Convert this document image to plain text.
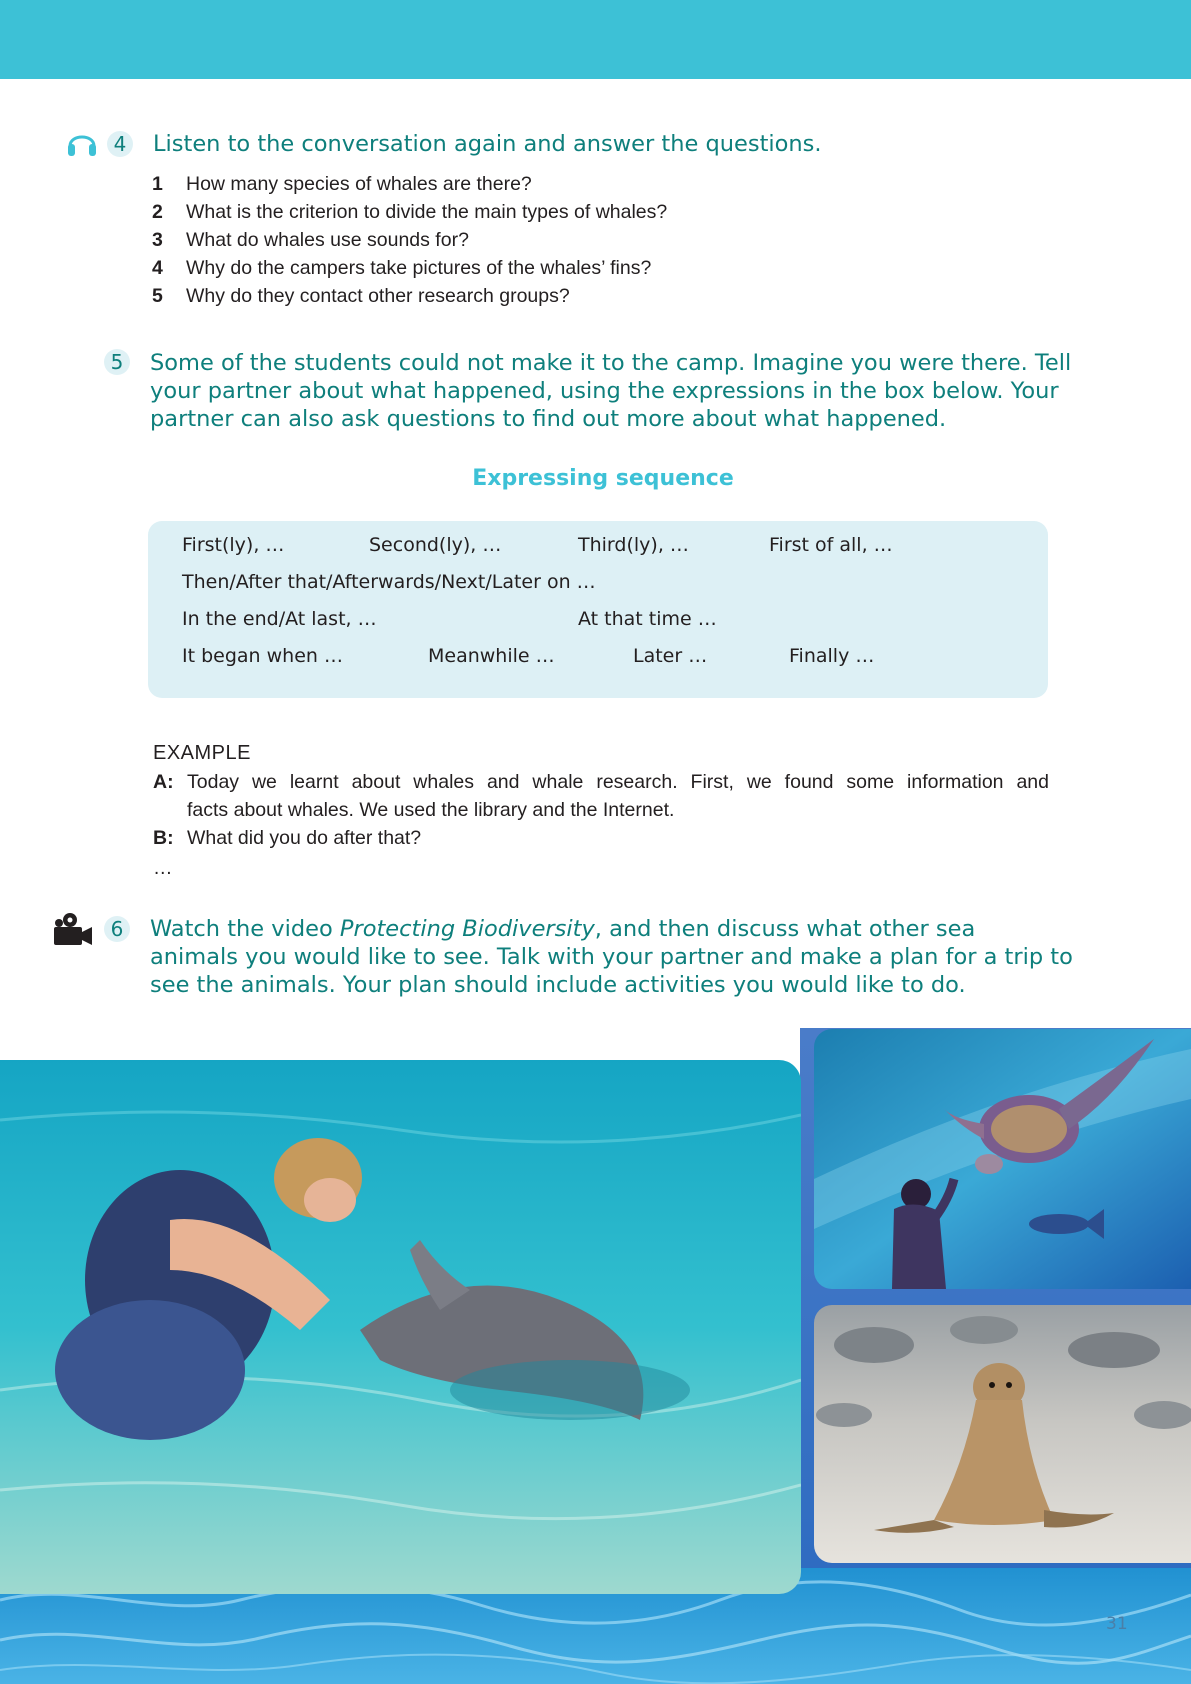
4 Listen to the conversation again and answer the questions.
1 How many species of whales are there?
2 What is the criterion to divide the main types of whales?
3 What do whales use sounds for?
4 Why do the campers take pictures of the whales’ fins?
5 Why do they contact other research groups?
5 Some of the students could not make it to the camp. Imagine you were there. Tell
your partner about what happened, using the expressions in the box below. Your
partner can also ask questions to find out more about what happened.
Expressing sequence
First(ly), …	Second(ly), …	Third(ly), …	First of all, …
Then/After that/Afterwards/Next/Later on …
In the end/At last, …	At that time …
It began when …	Meanwhile …	Later …	Finally …
EXAMPLE
A: Today we learnt about whales and whale research. First, we found some information and
facts about whales. We used the library and the Internet.
B: What did you do after that?
…
6 Watch the video Protecting Biodiversity, and then discuss what other sea
animals you would like to see. Talk with your partner and make a plan for a trip to
see the animals. Your plan should include activities you would like to do.
31
